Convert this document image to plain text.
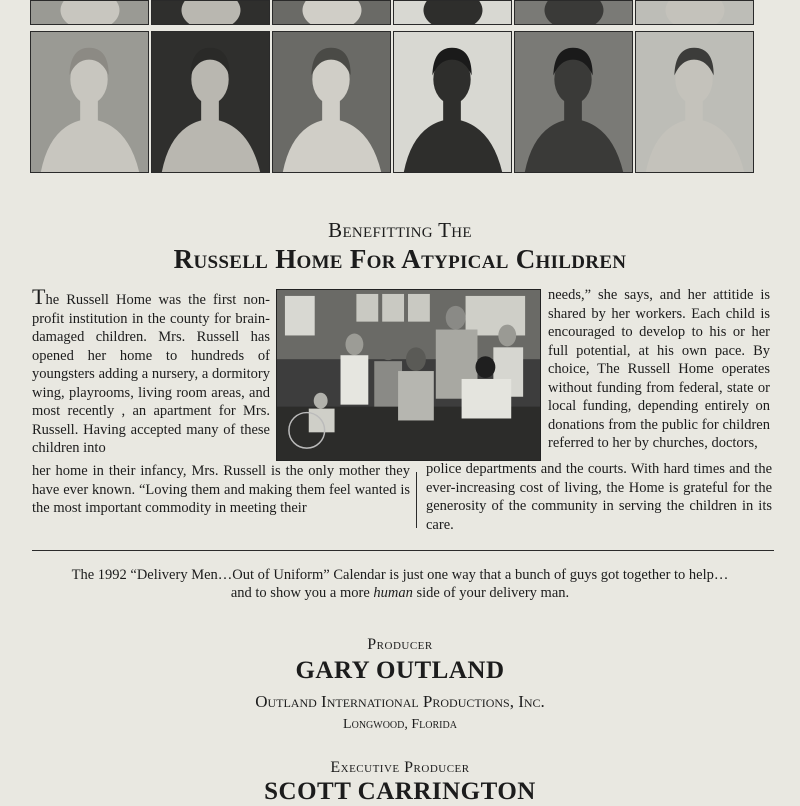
Benefitting The
Russell Home For Atypical Children
The Russell Home was the first non-profit institution in the county for brain-damaged children. Mrs. Russell has opened her home to hundreds of youngsters adding a nursery, a dormitory wing, playrooms, living room areas, and most recently , an apartment for Mrs. Russell. Having accepted many of these children into
needs,” she says, and her attitide is shared by her workers. Each child is encouraged to develop to his or her full potential, at his own pace. By choice, The Russell Home operates without funding from federal, state or local funding, depending entirely on donations from the public for children referred to her by churches, doctors,
her home in their infancy, Mrs. Russell is the only mother they have ever known. “Loving them and making them feel wanted is the most important commodity in meeting their
police departments and the courts. With hard times and the ever-increasing cost of living, the Home is grateful for the generosity of the community in serving the children in its care.
The 1992 “Delivery Men…Out of Uniform” Calendar is just one way that a bunch of guys got together to help…
and to show you a more human side of your delivery man.
Producer
GARY OUTLAND
Outland International Productions, Inc.
Longwood, Florida
Executive Producer
SCOTT CARRINGTON
